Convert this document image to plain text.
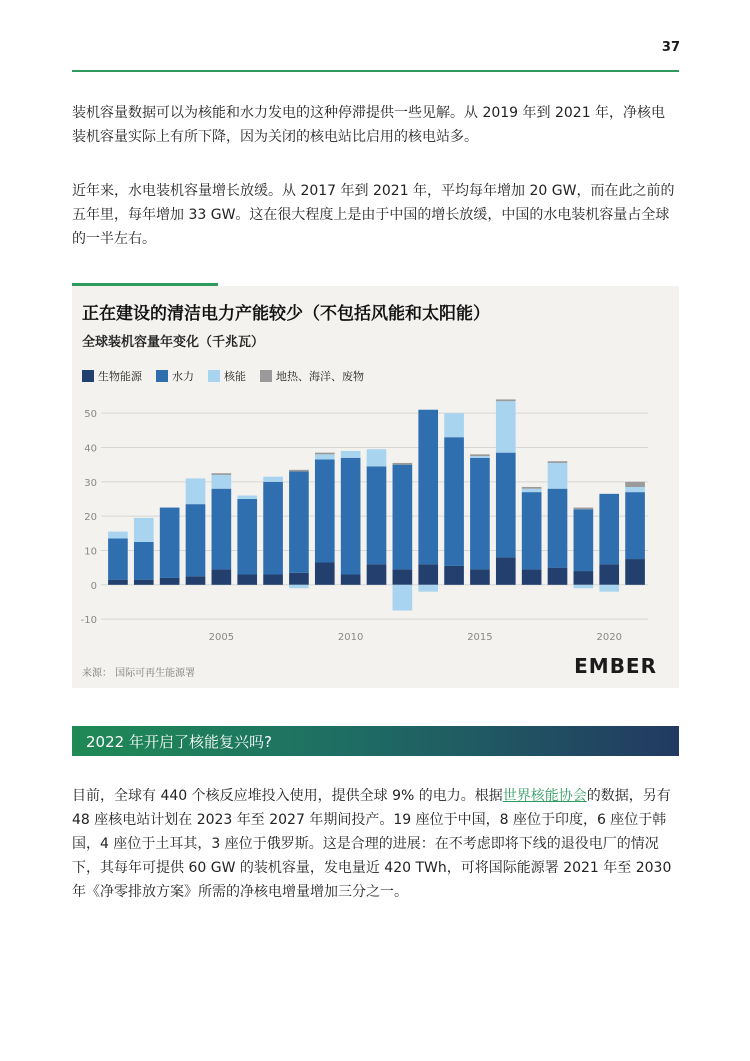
37

装机容量数据可以为核能和水力发电的这种停滞提供一些见解。从 2019 年到 2021 年，净核电装机容量实际上有所下降，因为关闭的核电站比启用的核电站多。

近年来，水电装机容量增长放缓。从 2017 年到 2021 年，平均每年增加 20 GW，而在此之前的五年里，每年增加 33 GW。这在很大程度上是由于中国的增长放缓，中国的水电装机容量占全球的一半左右。

正在建设的清洁电力产能较少（不包括风能和太阳能）
全球装机容量年变化（千兆瓦）
生物能源	水力	核能	地热、海洋、废物
-10
0
10
20
30
40
50
2005	2010	2015	2020
来源： 国际可再生能源署	EMBER
2022 年开启了核能复兴吗?

目前，全球有 440 个核反应堆投入使用，提供全球 9% 的电力。根据世界核能协会的数据，另有 48 座核电站计划在 2023 年至 2027 年期间投产。19 座位于中国，8 座位于印度，6 座位于韩国，4 座位于土耳其，3 座位于俄罗斯。这是合理的进展：在不考虑即将下线的退役电厂的情况下，其每年可提供 60 GW 的装机容量，发电量近 420 TWh，可将国际能源署 2021 年至 2030 年《净零排放方案》所需的净核电增量增加三分之一。
